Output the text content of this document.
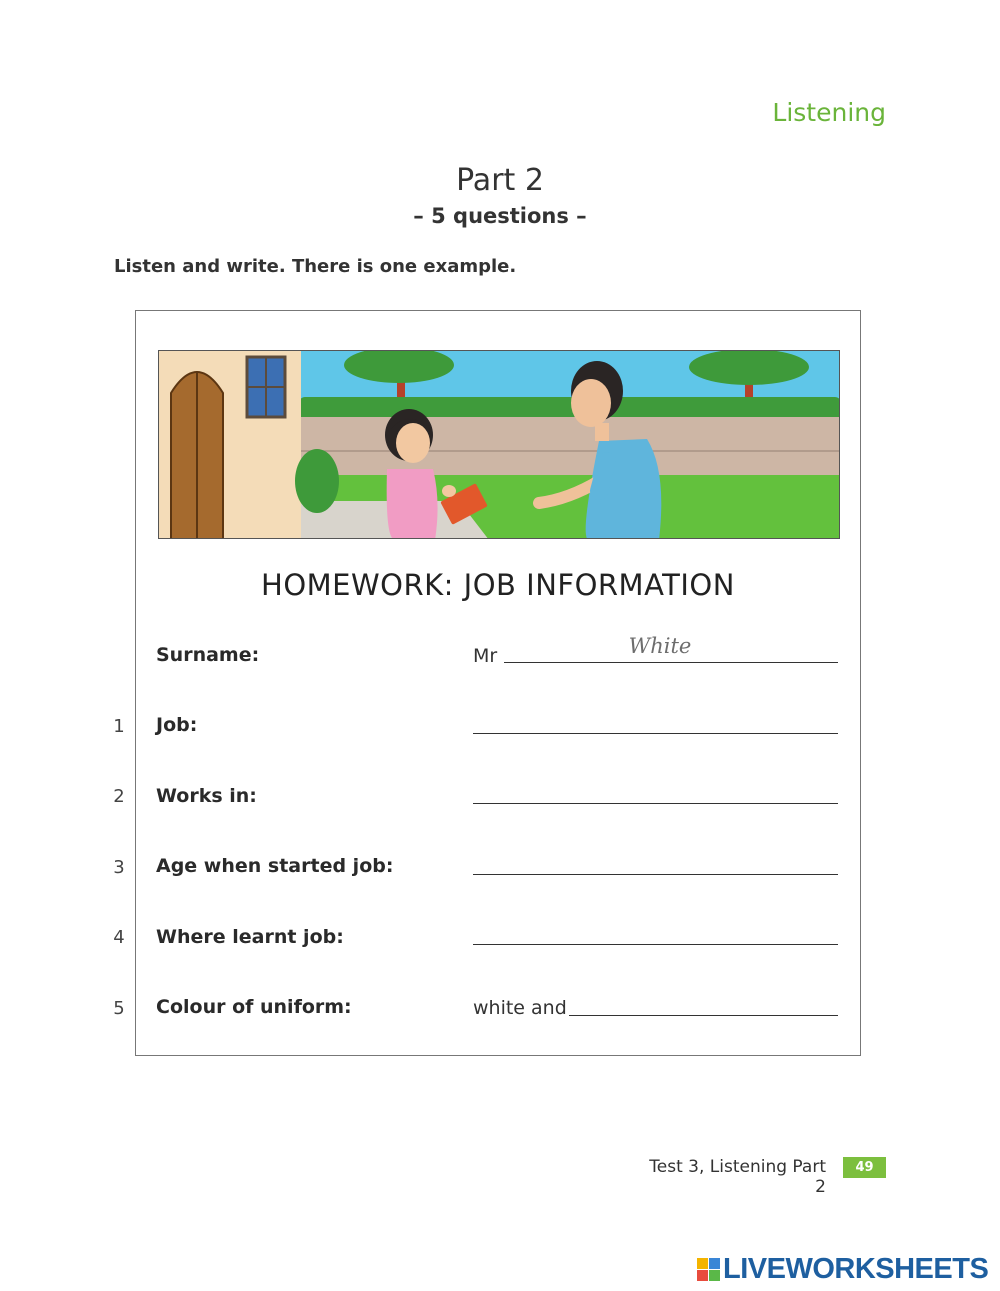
Listening
Part 2
– 5 questions –
Listen and write. There is one example.
HOMEWORK: JOB INFORMATION
Surname:	Mr	White
1 Job:
2 Works in:
3 Age when started job:
4 Where learnt job:
5 Colour of uniform:	white and
Test 3, Listening Part 2
49
LIVEWORKSHEETS
